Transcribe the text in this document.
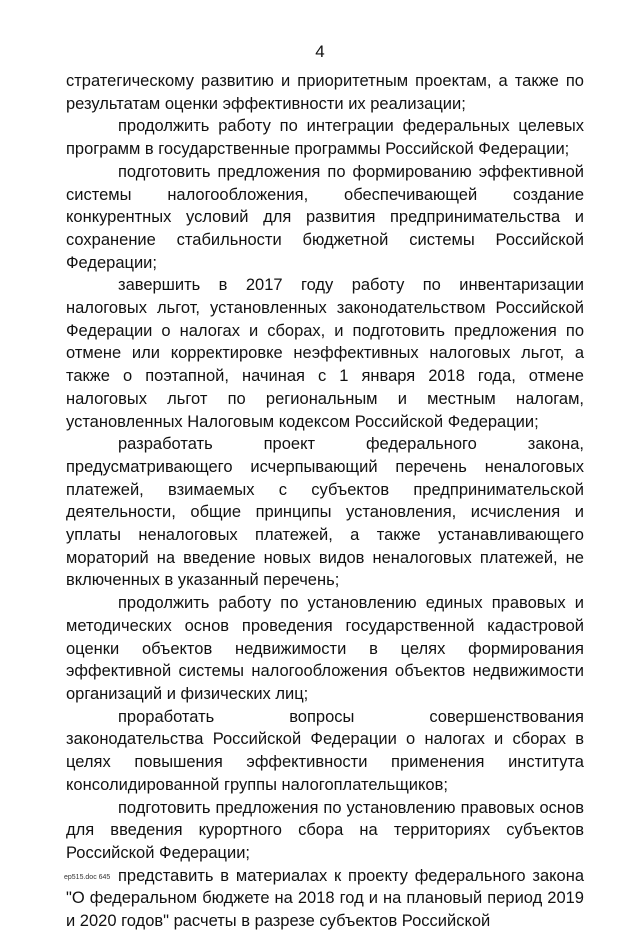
4

стратегическому развитию и приоритетным проектам, а также по результатам оценки эффективности их реализации;

продолжить работу по интеграции федеральных целевых программ в государственные программы Российской Федерации;

подготовить предложения по формированию эффективной системы налогообложения, обеспечивающей создание конкурентных условий для развития предпринимательства и сохранение стабильности бюджетной системы Российской Федерации;

завершить в 2017 году работу по инвентаризации налоговых льгот, установленных законодательством Российской Федерации о налогах и сборах, и подготовить предложения по отмене или корректировке неэффективных налоговых льгот, а также о поэтапной, начиная с 1 января 2018 года, отмене налоговых льгот по региональным и местным налогам, установленных Налоговым кодексом Российской Федерации;

разработать проект федерального закона, предусматривающего исчерпывающий перечень неналоговых платежей, взимаемых с субъектов предпринимательской деятельности, общие принципы установления, исчисления и уплаты неналоговых платежей, а также устанавливающего мораторий на введение новых видов неналоговых платежей, не включенных в указанный перечень;

продолжить работу по установлению единых правовых и методических основ проведения государственной кадастровой оценки объектов недвижимости в целях формирования эффективной системы налогообложения объектов недвижимости организаций и физических лиц;

проработать вопросы совершенствования законодательства Российской Федерации о налогах и сборах в целях повышения эффективности применения института консолидированной группы налогоплательщиков;

подготовить предложения по установлению правовых основ для введения курортного сбора на территориях субъектов Российской Федерации;

представить в материалах к проекту федерального закона "О федеральном бюджете на 2018 год и на плановый период 2019 и 2020 годов" расчеты в разрезе субъектов Российской

ep515.doc 645
